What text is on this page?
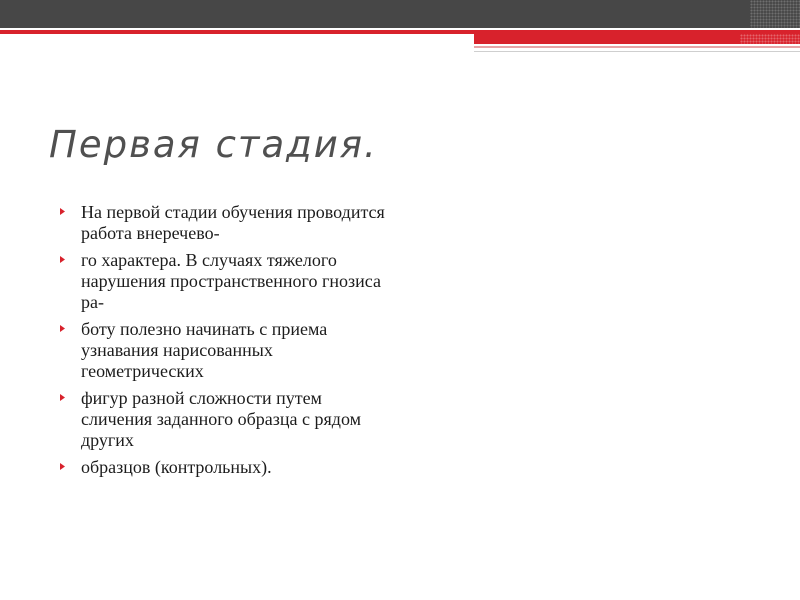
Первая стадия.
На первой стадии обучения проводится работа внеречево-
го характера. В случаях тяжелого нарушения пространственного гнозиса ра-
боту полезно начинать с приема узнавания нарисованных геометрических
фигур разной сложности путем сличения заданного образца с рядом других
образцов (контрольных).
